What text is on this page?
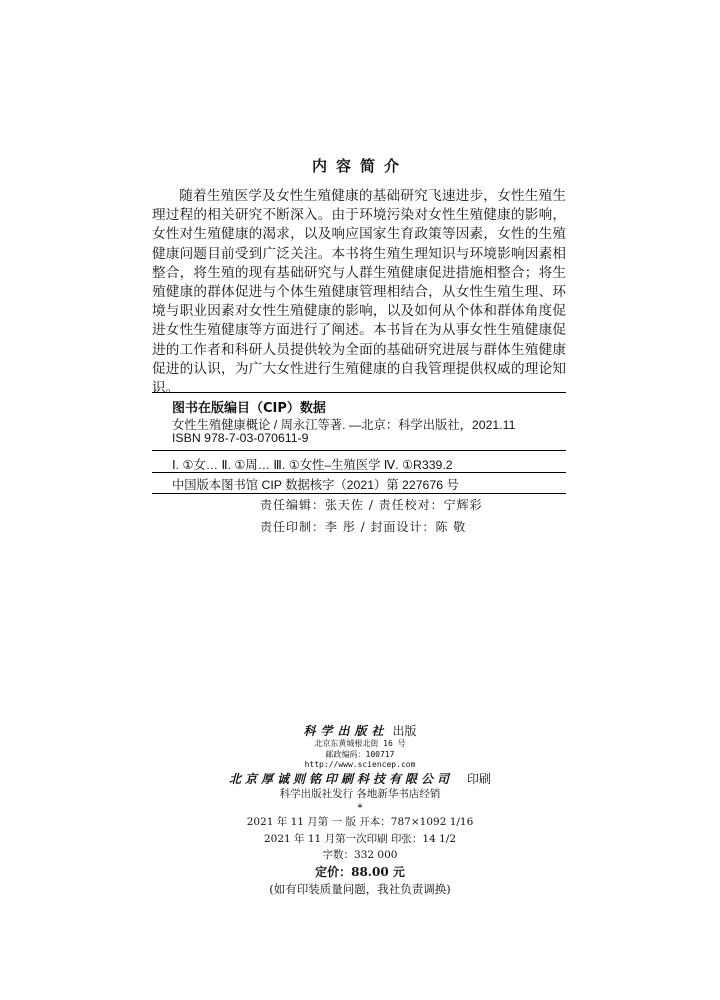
内容简介

随着生殖医学及女性生殖健康的基础研究飞速进步，女性生殖生理过程的相关研究不断深入。由于环境污染对女性生殖健康的影响，女性对生殖健康的渴求，以及响应国家生育政策等因素，女性的生殖健康问题目前受到广泛关注。本书将生殖生理知识与环境影响因素相整合，将生殖的现有基础研究与人群生殖健康促进措施相整合；将生殖健康的群体促进与个体生殖健康管理相结合，从女性生殖生理、环境与职业因素对女性生殖健康的影响，以及如何从个体和群体角度促进女性生殖健康等方面进行了阐述。本书旨在为从事女性生殖健康促进的工作者和科研人员提供较为全面的基础研究进展与群体生殖健康促进的认识，为广大女性进行生殖健康的自我管理提供权威的理论知识。

图书在版编目（CIP）数据
女性生殖健康概论 / 周永江等著. —北京：科学出版社，2021.11
ISBN 978-7-03-070611-9
Ⅰ. ①女… Ⅱ. ①周… Ⅲ. ①女性–生殖医学 Ⅳ. ①R339.2
中国版本图书馆 CIP 数据核字（2021）第 227676 号
责任编辑：张天佐 / 责任校对：宁辉彩
责任印制：李 彤 / 封面设计：陈 敬
科学出版社 出版
北京东黄城根北街 16 号
邮政编码：100717
http://www.sciencep.com
北京厚诚则铭印刷科技有限公司 印刷
科学出版社发行 各地新华书店经销
*
2021 年 11 月第 一 版 开本：787×1092 1/16
2021 年 11 月第一次印刷 印张：14 1/2
字数：332 000
定价：88.00 元
(如有印装质量问题，我社负责调换)
